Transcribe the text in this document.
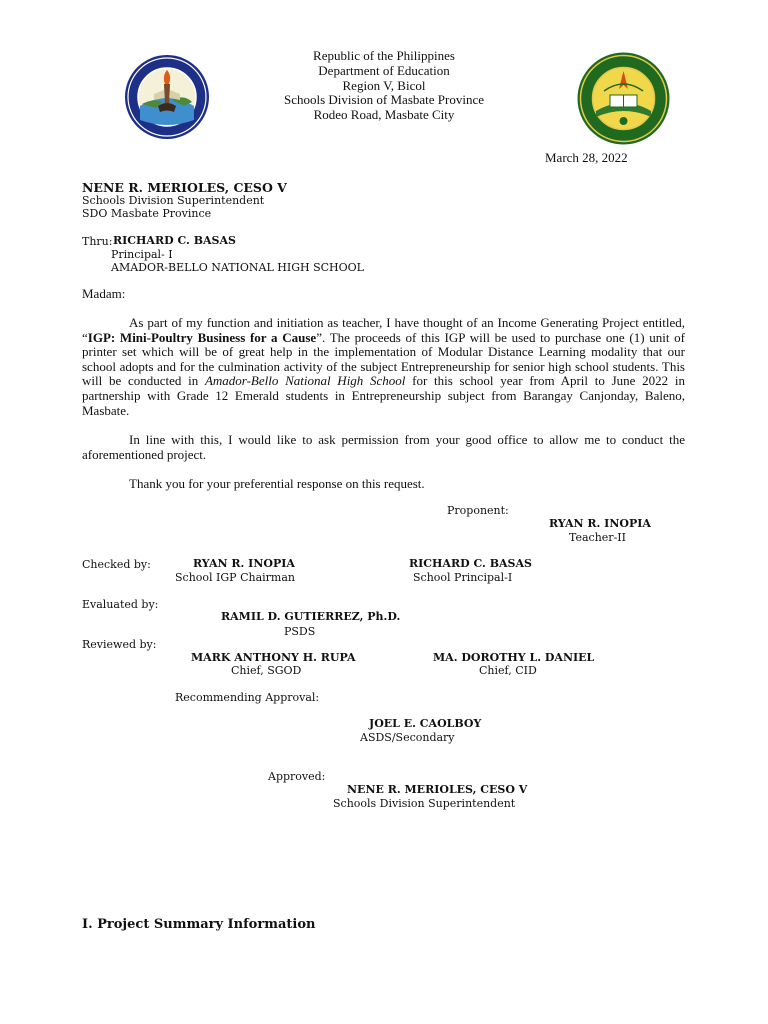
Republic of the Philippines
Department of Education
Region V, Bicol
Schools Division of Masbate Province
Rodeo Road, Masbate City
March 28, 2022
NENE R. MERIOLES, CESO V
Schools Division Superintendent
SDO Masbate Province
Thru: RICHARD C. BASAS
Principal- I
AMADOR-BELLO NATIONAL HIGH SCHOOL
Madam:
As part of my function and initiation as teacher, I have thought of an Income Generating Project entitled, “IGP: Mini-Poultry Business for a Cause”. The proceeds of this IGP will be used to purchase one (1) unit of printer set which will be of great help in the implementation of Modular Distance Learning modality that our school adopts and for the culmination activity of the subject Entrepreneurship for senior high school students. This will be conducted in Amador-Bello National High School for this school year from April to June 2022 in partnership with Grade 12 Emerald students in Entrepreneurship subject from Barangay Canjonday, Baleno, Masbate.
In line with this, I would like to ask permission from your good office to allow me to conduct the aforementioned project.
Thank you for your preferential response on this request.
Proponent:
RYAN R. INOPIA
Teacher-II
Checked by:	RYAN R. INOPIA
School IGP Chairman
RICHARD C. BASAS
School Principal-I
Evaluated by:
RAMIL D. GUTIERREZ, Ph.D.
PSDS
Reviewed by:
MARK ANTHONY H. RUPA
Chief, SGOD
MA. DOROTHY L. DANIEL
Chief, CID
Recommending Approval:
JOEL E. CAOLBOY
ASDS/Secondary
Approved:
NENE R. MERIOLES, CESO V
Schools Division Superintendent
I. Project Summary Information
